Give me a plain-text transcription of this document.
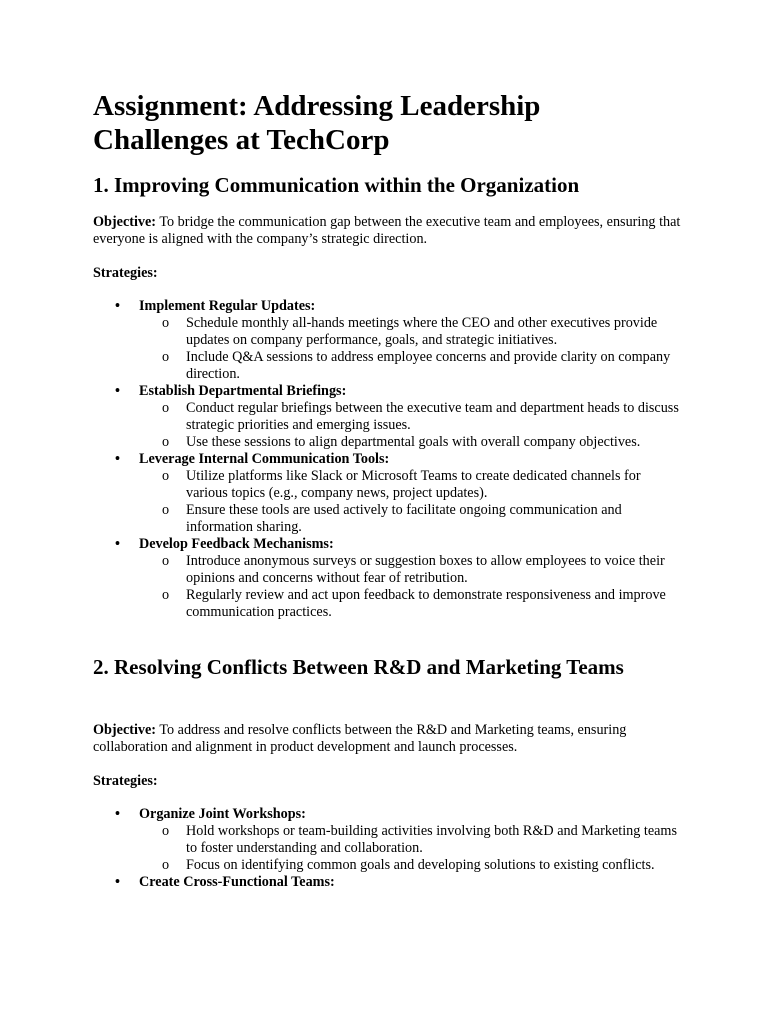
Assignment: Addressing Leadership Challenges at TechCorp
1. Improving Communication within the Organization

Objective: To bridge the communication gap between the executive team and employees, ensuring that everyone is aligned with the company’s strategic direction.

Strategies:

•	Implement Regular Updates:
o Schedule monthly all-hands meetings where the CEO and other executives provide updates on company performance, goals, and strategic initiatives.
o Include Q&A sessions to address employee concerns and provide clarity on company direction.
•	Establish Departmental Briefings:
o Conduct regular briefings between the executive team and department heads to discuss strategic priorities and emerging issues.
o Use these sessions to align departmental goals with overall company objectives.
•	Leverage Internal Communication Tools:
o Utilize platforms like Slack or Microsoft Teams to create dedicated channels for various topics (e.g., company news, project updates).
o Ensure these tools are used actively to facilitate ongoing communication and information sharing.
•	Develop Feedback Mechanisms:
o Introduce anonymous surveys or suggestion boxes to allow employees to voice their opinions and concerns without fear of retribution.
o Regularly review and act upon feedback to demonstrate responsiveness and improve communication practices.
2. Resolving Conflicts Between R&D and Marketing Teams

Objective: To address and resolve conflicts between the R&D and Marketing teams, ensuring collaboration and alignment in product development and launch processes.

Strategies:

•	Organize Joint Workshops:
o Hold workshops or team-building activities involving both R&D and Marketing teams to foster understanding and collaboration.
o Focus on identifying common goals and developing solutions to existing conflicts.
•	Create Cross-Functional Teams:
